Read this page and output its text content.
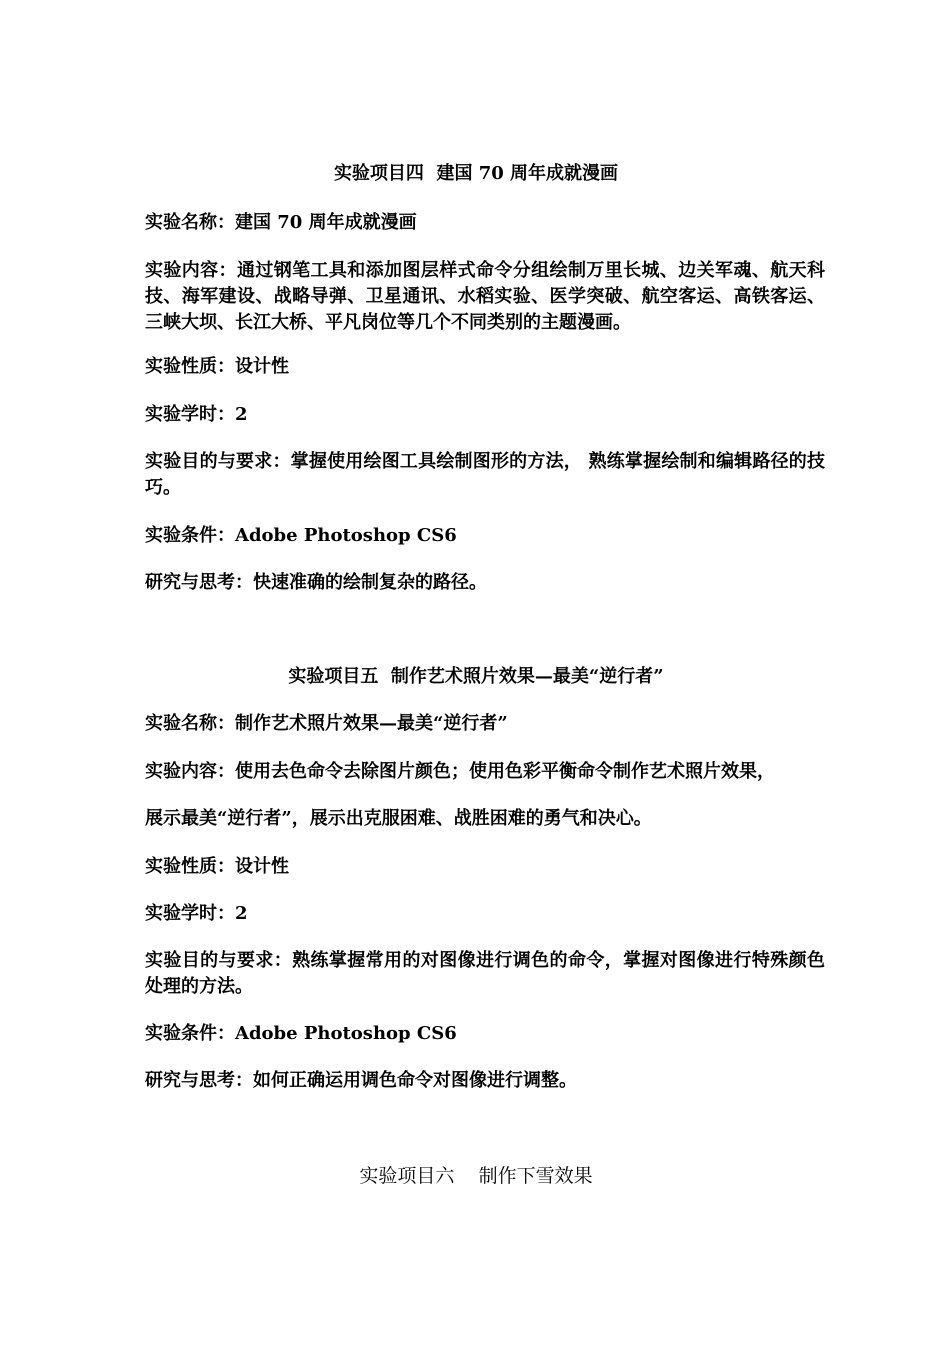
实验项目四  建国 70 周年成就漫画
实验名称：建国 70 周年成就漫画
实验内容：通过钢笔工具和添加图层样式命令分组绘制万里长城、边关军魂、航天科技、海军建设、战略导弹、卫星通讯、水稻实验、医学突破、航空客运、高铁客运、三峡大坝、长江大桥、平凡岗位等几个不同类别的主题漫画。
实验性质：设计性
实验学时：2
实验目的与要求：掌握使用绘图工具绘制图形的方法， 熟练掌握绘制和编辑路径的技巧。
实验条件：Adobe Photoshop CS6
研究与思考：快速准确的绘制复杂的路径。
实验项目五  制作艺术照片效果—最美“逆行者”
实验名称：制作艺术照片效果—最美“逆行者”
实验内容：使用去色命令去除图片颜色；使用色彩平衡命令制作艺术照片效果，
展示最美“逆行者”，展示出克服困难、战胜困难的勇气和决心。
实验性质：设计性
实验学时：2
实验目的与要求：熟练掌握常用的对图像进行调色的命令，掌握对图像进行特殊颜色处理的方法。
实验条件：Adobe Photoshop CS6
研究与思考：如何正确运用调色命令对图像进行调整。
实验项目六    制作下雪效果
